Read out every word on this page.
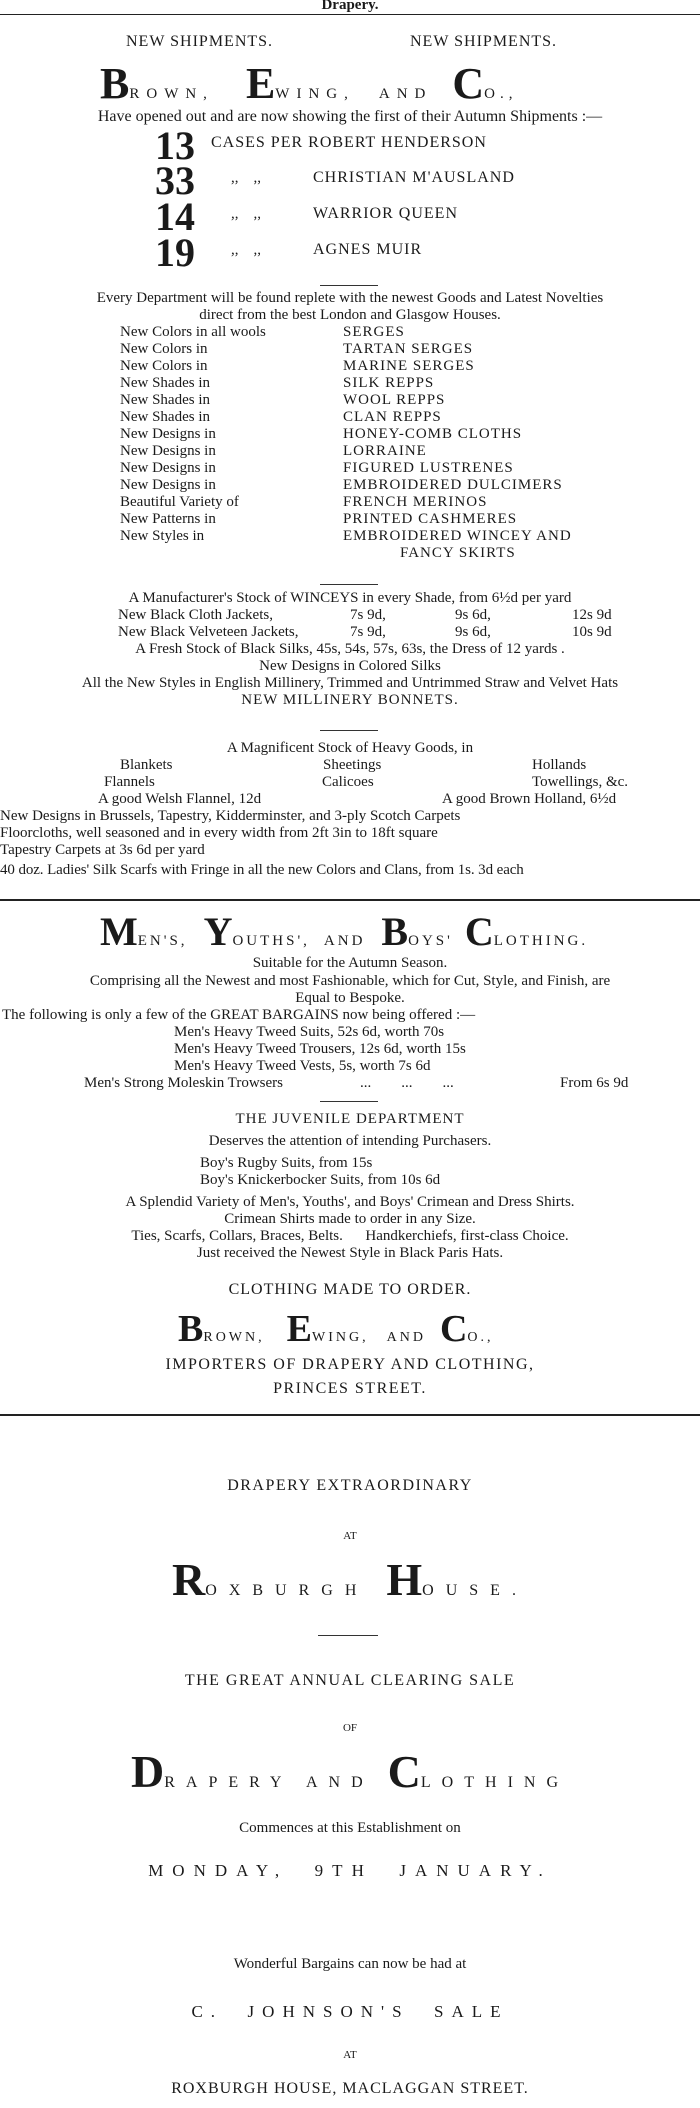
Drapery.
NEW SHIPMENTS.	NEW SHIPMENTS.
BROWN, EWING, AND CO.,
Have opened out and are now showing the first of their Autumn Shipments :—
13 CASES PER ROBERT HENDERSON
33 ,,    ,,	CHRISTIAN M'AUSLAND
14 ,,    ,,	WARRIOR QUEEN
19 ,,    ,,	AGNES MUIR
Every Department will be found replete with the newest Goods and Latest Novelties
direct from the best London and Glasgow Houses.
New Colors in all wools	SERGES
New Colors in	TARTAN SERGES
New Colors in	MARINE SERGES
New Shades in	SILK REPPS
New Shades in	WOOL REPPS
New Shades in	CLAN REPPS
New Designs in	HONEY-COMB CLOTHS
New Designs in	LORRAINE
New Designs in	FIGURED LUSTRENES
New Designs in	EMBROIDERED DULCIMERS
Beautiful Variety of	FRENCH MERINOS
New Patterns in	PRINTED CASHMERES
New Styles in	EMBROIDERED WINCEY AND
FANCY SKIRTS
A Manufacturer's Stock of WINCEYS in every Shade, from 6½d per yard
New Black Cloth Jackets,	7s 9d,	9s 6d,	12s 9d
New Black Velveteen Jackets,	7s 9d,	9s 6d,	10s 9d
A Fresh Stock of Black Silks, 45s, 54s, 57s, 63s, the Dress of 12 yards .
New Designs in Colored Silks
All the New Styles in English Millinery, Trimmed and Untrimmed Straw and Velvet Hats
NEW MILLINERY BONNETS.
A Magnificent Stock of Heavy Goods, in
Blankets	Sheetings	Hollands
Flannels	Calicoes	Towellings, &c.
A good Welsh Flannel, 12d	A good Brown Holland, 6½d
New Designs in Brussels, Tapestry, Kidderminster, and 3-ply Scotch Carpets
Floorcloths, well seasoned and in every width from 2ft 3in to 18ft square
Tapestry Carpets at 3s 6d per yard
40 doz. Ladies' Silk Scarfs with Fringe in all the new Colors and Clans, from 1s. 3d each
MEN'S, YOUTHS', AND BOYS' CLOTHING.
Suitable for the Autumn Season.
Comprising all the Newest and most Fashionable, which for Cut, Style, and Finish, are
Equal to Bespoke.
The following is only a few of the GREAT BARGAINS now being offered :—
Men's Heavy Tweed Suits, 52s 6d, worth 70s
Men's Heavy Tweed Trousers, 12s 6d, worth 15s
Men's Heavy Tweed Vests, 5s, worth 7s 6d
Men's Strong Moleskin Trowsers	...        ...        ...	From 6s 9d
THE JUVENILE DEPARTMENT
Deserves the attention of intending Purchasers.
Boy's Rugby Suits, from 15s
Boy's Knickerbocker Suits, from 10s 6d
A Splendid Variety of Men's, Youths', and Boys' Crimean and Dress Shirts.
Crimean Shirts made to order in any Size.
Ties, Scarfs, Collars, Braces, Belts.      Handkerchiefs, first-class Choice.
Just received the Newest Style in Black Paris Hats.
CLOTHING MADE TO ORDER.
BROWN, EWING, AND CO.,
IMPORTERS OF DRAPERY AND CLOTHING,
PRINCES STREET.
DRAPERY EXTRAORDINARY
AT
ROXBURGH HOUSE.
THE GREAT ANNUAL CLEARING SALE
OF
DRAPERY AND CLOTHING
Commences at this Establishment on
MONDAY,  9TH  JANUARY.
Wonderful Bargains can now be had at
C.  JOHNSON'S  SALE
AT
ROXBURGH HOUSE, MACLAGGAN STREET.
